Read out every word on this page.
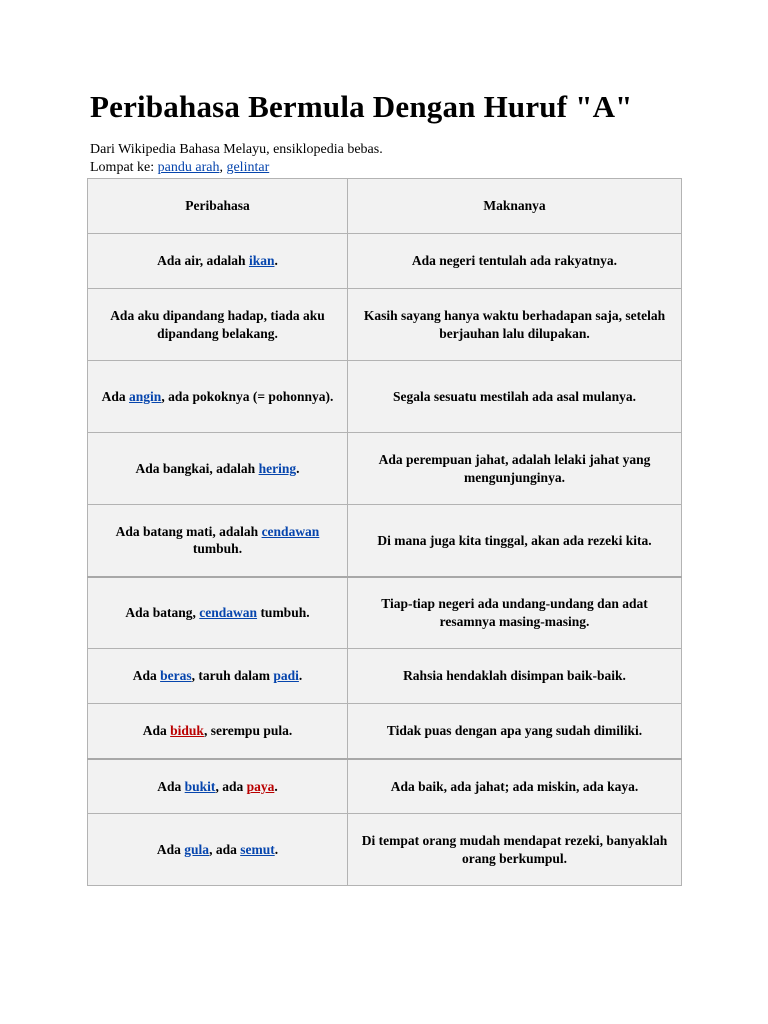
Peribahasa Bermula Dengan Huruf "A"
Dari Wikipedia Bahasa Melayu, ensiklopedia bebas.
Lompat ke: pandu arah, gelintar
Peribahasa	Maknanya
Ada air, adalah ikan.	Ada negeri tentulah ada rakyatnya.
Ada aku dipandang hadap, tiada aku dipandang belakang.	Kasih sayang hanya waktu berhadapan saja, setelah berjauhan lalu dilupakan.
Ada angin, ada pokoknya (= pohonnya).	Segala sesuatu mestilah ada asal mulanya.
Ada bangkai, adalah hering.	Ada perempuan jahat, adalah lelaki jahat yang mengunjunginya.
Ada batang mati, adalah cendawan tumbuh.	Di mana juga kita tinggal, akan ada rezeki kita.
Ada batang, cendawan tumbuh.	Tiap-tiap negeri ada undang-undang dan adat resamnya masing-masing.
Ada beras, taruh dalam padi.	Rahsia hendaklah disimpan baik-baik.
Ada biduk, serempu pula.	Tidak puas dengan apa yang sudah dimiliki.
Ada bukit, ada paya.	Ada baik, ada jahat; ada miskin, ada kaya.
Ada gula, ada semut.	Di tempat orang mudah mendapat rezeki, banyaklah orang berkumpul.
